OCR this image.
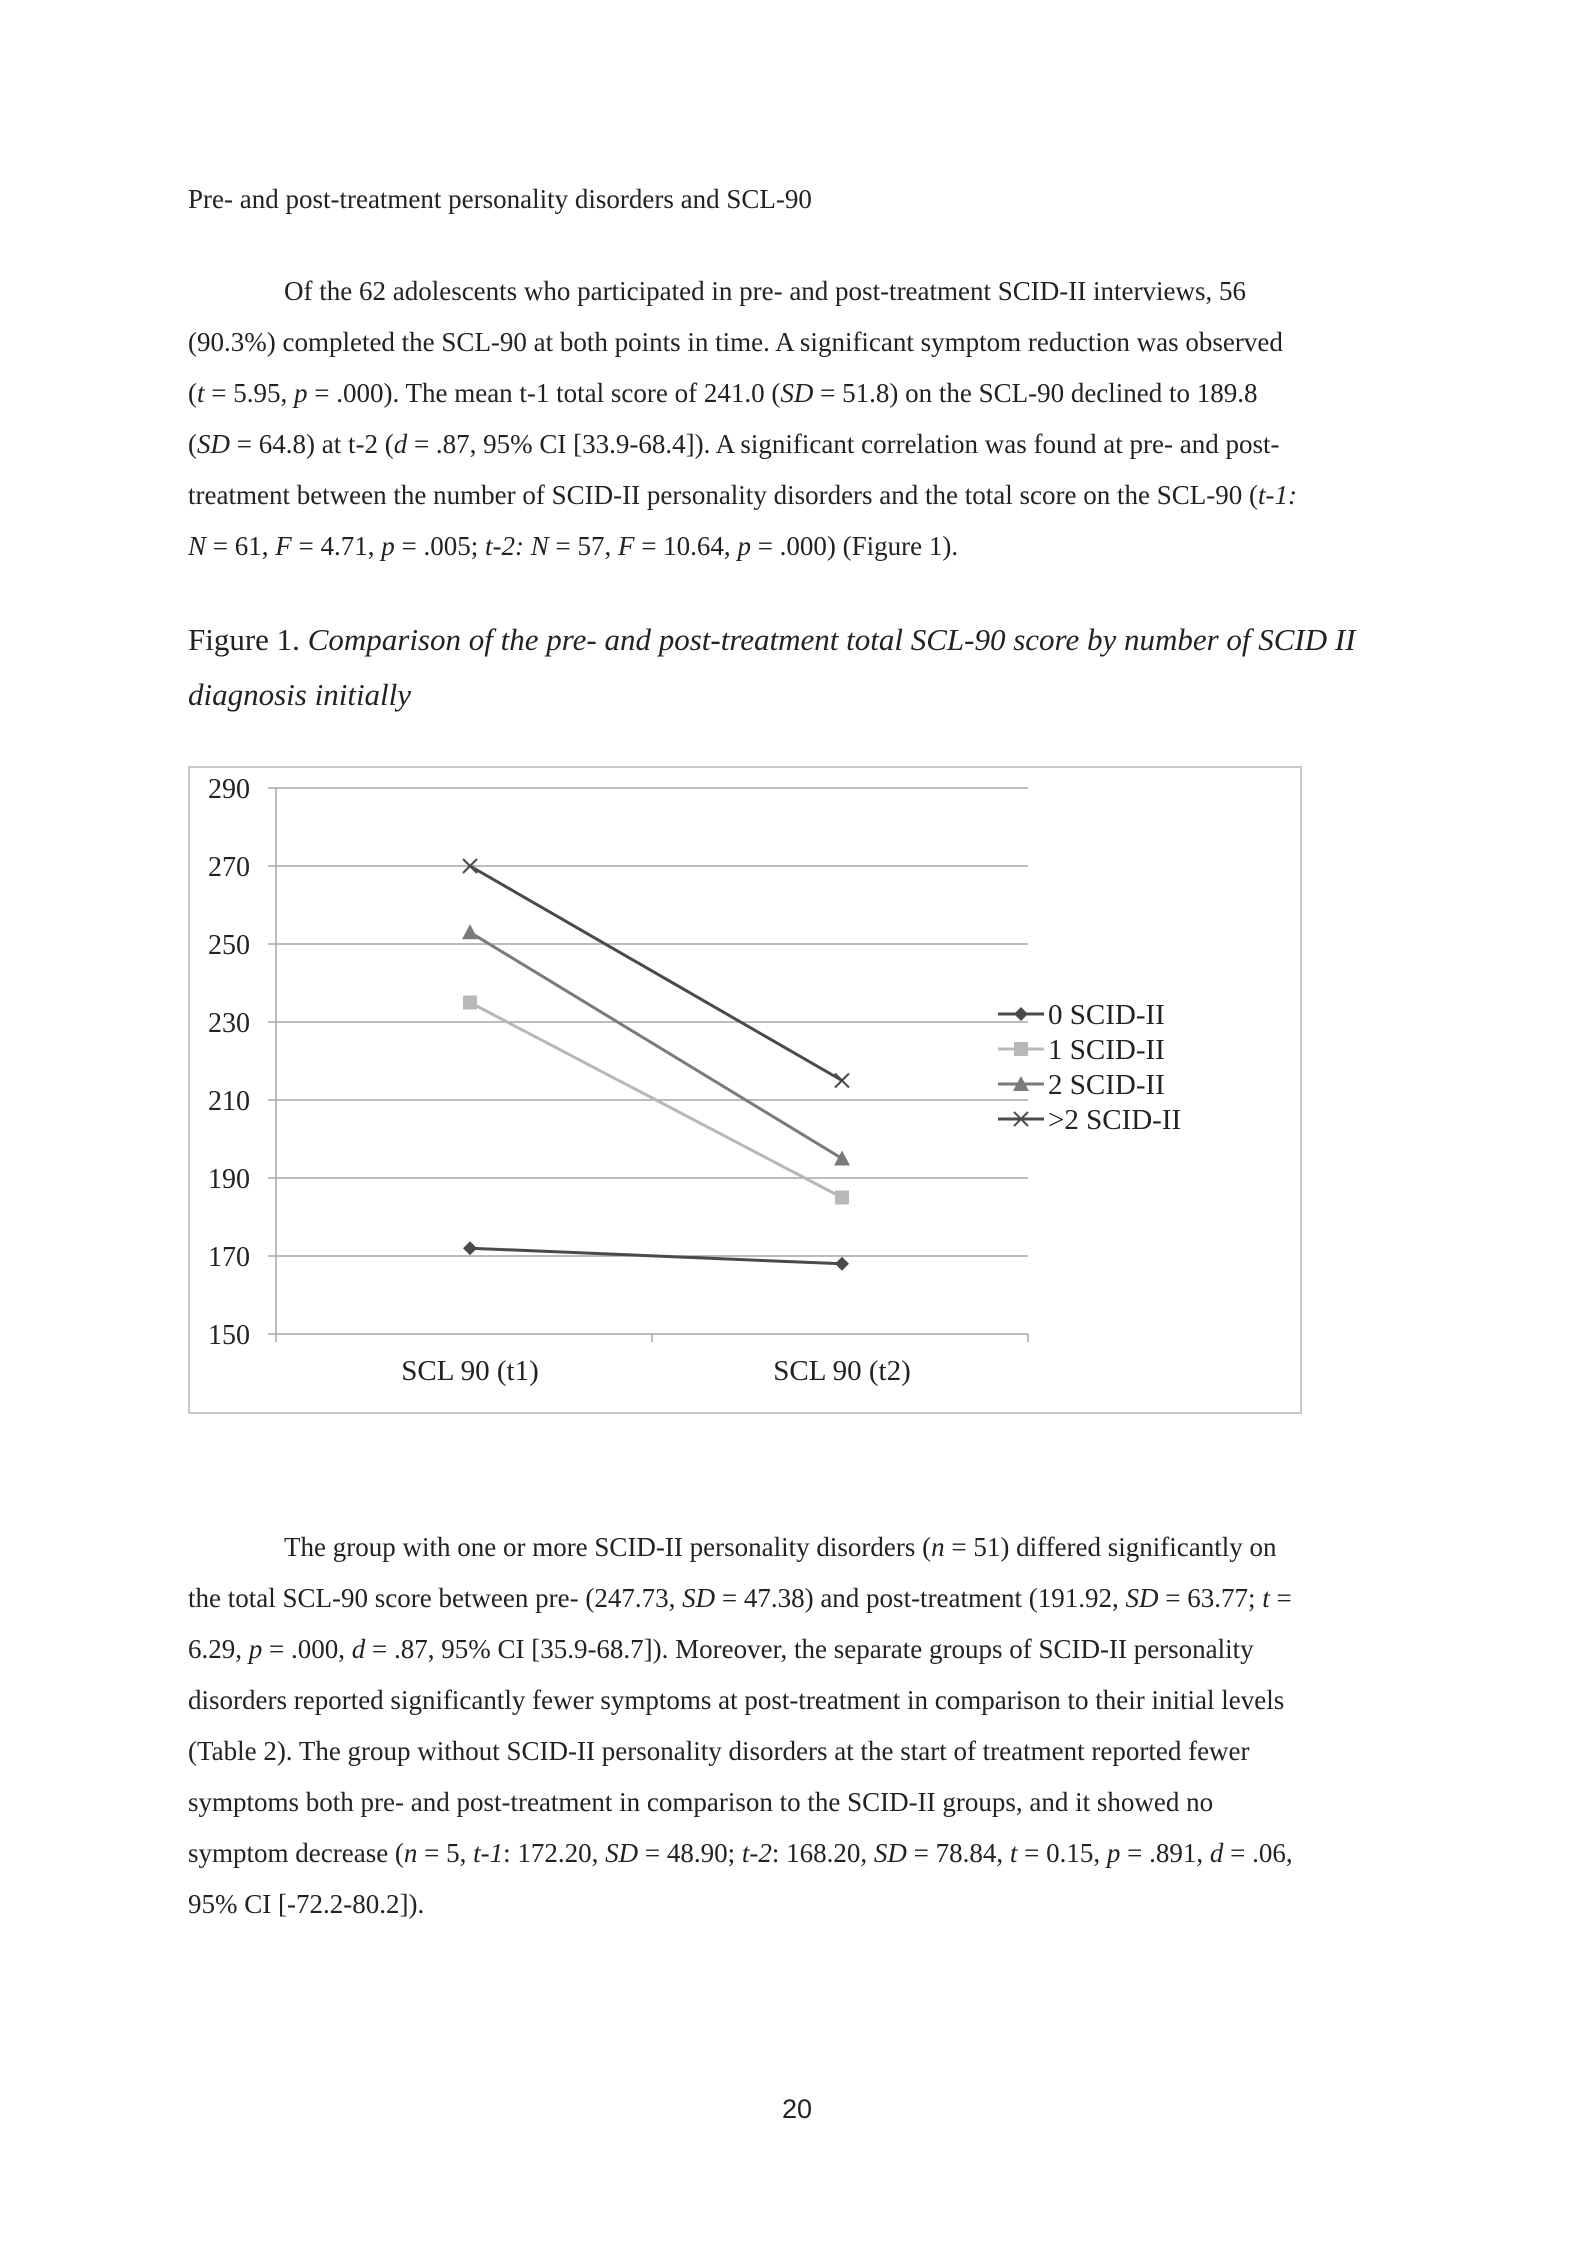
Pre- and post-treatment personality disorders and SCL-90
Of the 62 adolescents who participated in pre- and post-treatment SCID-II interviews, 56
(90.3%) completed the SCL-90 at both points in time. A significant symptom reduction was observed
(t = 5.95, p = .000). The mean t-1 total score of 241.0 (SD = 51.8) on the SCL-90 declined to 189.8
(SD = 64.8) at t-2 (d = .87, 95% CI [33.9-68.4]). A significant correlation was found at pre- and post-
treatment between the number of SCID-II personality disorders and the total score on the SCL-90 (t-1:
N = 61, F = 4.71, p = .005; t-2: N = 57, F = 10.64, p = .000) (Figure 1).
Figure 1. Comparison of the pre- and post-treatment total SCL-90 score by number of SCID II
diagnosis initially
150
170
190
210
230
250
270
290
SCL 90 (t1)	SCL 90 (t2)
0 SCID-II
1 SCID-II
2 SCID-II
>2 SCID-II
The group with one or more SCID-II personality disorders (n = 51) differed significantly on
the total SCL-90 score between pre- (247.73, SD = 47.38) and post-treatment (191.92, SD = 63.77; t =
6.29, p = .000, d = .87, 95% CI [35.9-68.7]). Moreover, the separate groups of SCID-II personality
disorders reported significantly fewer symptoms at post-treatment in comparison to their initial levels
(Table 2). The group without SCID-II personality disorders at the start of treatment reported fewer
symptoms both pre- and post-treatment in comparison to the SCID-II groups, and it showed no
symptom decrease (n = 5, t-1: 172.20, SD = 48.90; t-2: 168.20, SD = 78.84, t = 0.15, p = .891, d = .06,
95% CI [-72.2-80.2]).
20
